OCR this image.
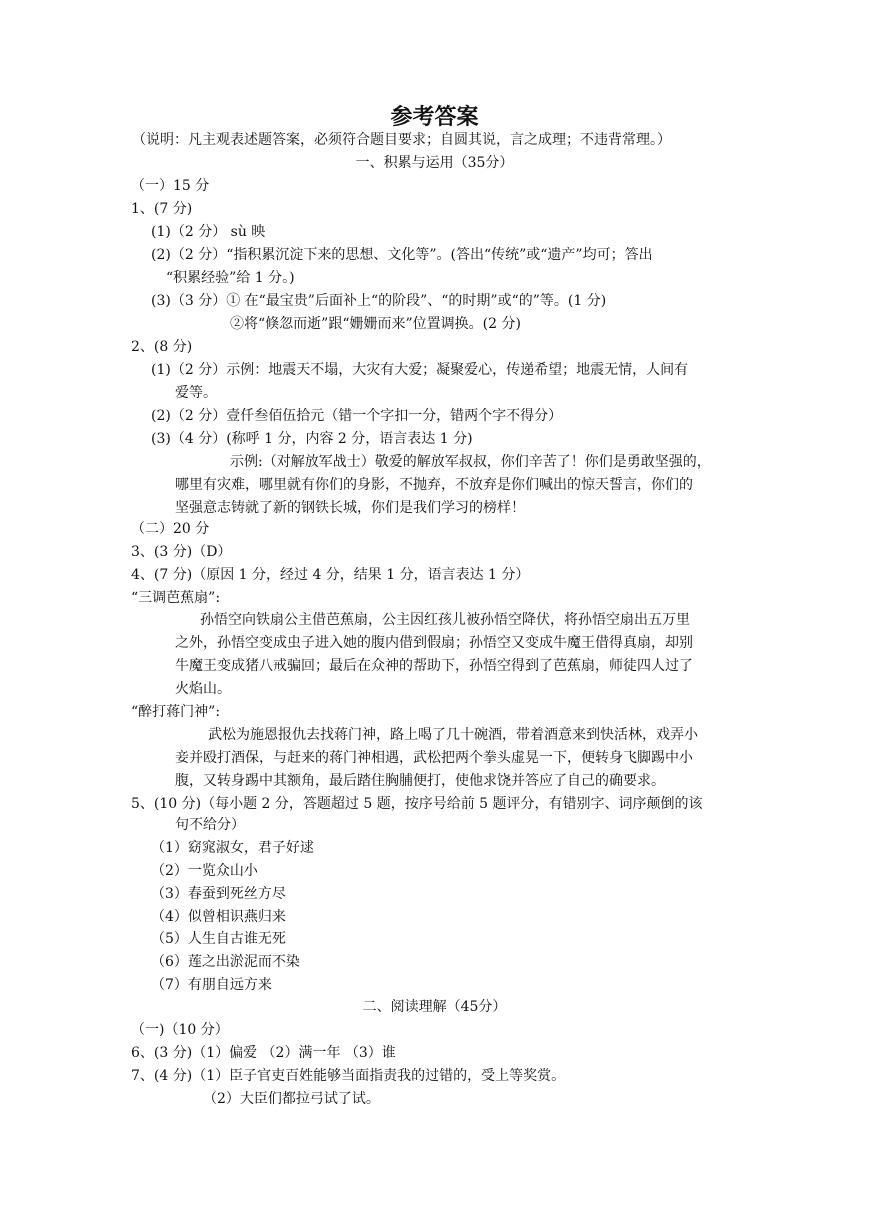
参考答案
（说明：凡主观表述题答案，必须符合题目要求；自圆其说，言之成理；不违背常理。）
一、积累与运用（35分）
（一）15 分
1、(7 分)
(1)（2 分） sù 映
(2)（2 分）“指积累沉淀下来的思想、文化等”。(答出“传统”或“遗产”均可；答出
“积累经验”给 1 分。)
(3)（3 分）① 在“最宝贵”后面补上“的阶段”、“的时期”或“的”等。(1 分)
②将“倏忽而逝”跟“姗姗而来”位置调换。(2 分)
2、(8 分)
(1)（2 分）示例：地震天不塌，大灾有大爱；凝聚爱心，传递希望；地震无情，人间有
爱等。
(2)（2 分）壹仟叁佰伍拾元（错一个字扣一分，错两个字不得分）
(3)（4 分）(称呼 1 分，内容 2 分，语言表达 1 分)
示例:（对解放军战士）敬爱的解放军叔叔，你们辛苦了！你们是勇敢坚强的，
哪里有灾难，哪里就有你们的身影，不抛弃，不放弃是你们喊出的惊天誓言，你们的
坚强意志铸就了新的钢铁长城，你们是我们学习的榜样！
（二）20 分
3、(3 分)（D）
4、(7 分)（原因 1 分，经过 4 分，结果 1 分，语言表达 1 分）
“三调芭蕉扇”:
孙悟空向铁扇公主借芭蕉扇，公主因红孩儿被孙悟空降伏，将孙悟空扇出五万里
之外，孙悟空变成虫子进入她的腹内借到假扇；孙悟空又变成牛魔王借得真扇，却别
牛魔王变成猪八戒骗回；最后在众神的帮助下，孙悟空得到了芭蕉扇，师徒四人过了
火焰山。
“醉打蒋门神”:
武松为施恩报仇去找蒋门神，路上喝了几十碗酒，带着酒意来到快活林，戏弄小
妾并殴打酒保，与赶来的蒋门神相遇，武松把两个拳头虚晃一下，便转身飞脚踢中小
腹，又转身踢中其额角，最后踏住胸脯便打，使他求饶并答应了自己的确要求。
5、(10 分)（每小题 2 分，答题超过 5 题，按序号给前 5 题评分，有错别字、词序颠倒的该
句不给分）
（1）窈窕淑女，君子好逑
（2）一览众山小
（3）春蚕到死丝方尽
（4）似曾相识燕归来
（5）人生自古谁无死
（6）莲之出淤泥而不染
（7）有朋自远方来
二、阅读理解（45分）
（一)（10 分）
6、(3 分)（1）偏爱 （2）满一年 （3）谁
7、(4 分)（1）臣子官吏百姓能够当面指责我的过错的，受上等奖赏。
（2）大臣们都拉弓试了试。
